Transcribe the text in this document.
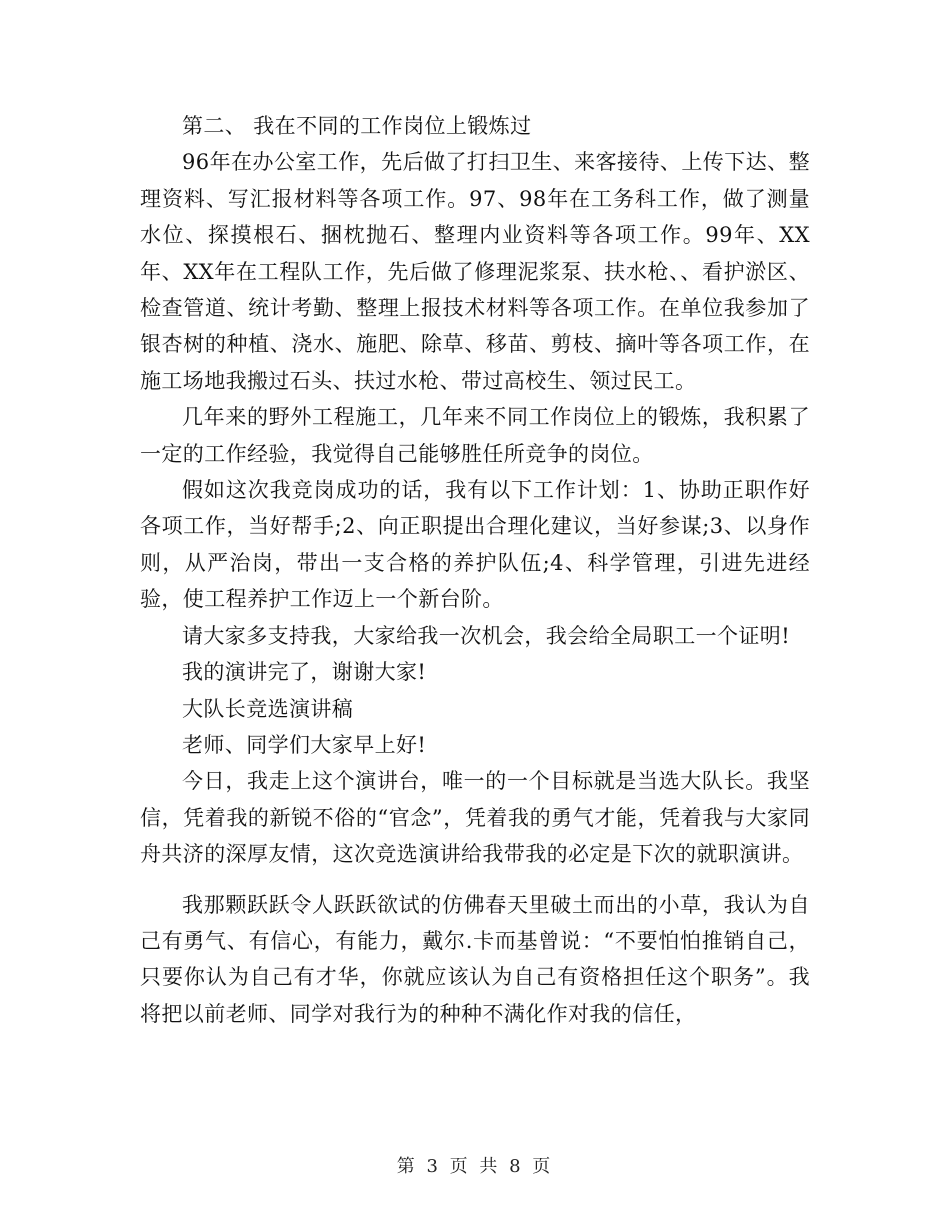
第二、 我在不同的工作岗位上锻炼过

96年在办公室工作，先后做了打扫卫生、来客接待、上传下达、整理资料、写汇报材料等各项工作。97、98年在工务科工作，做了测量水位、探摸根石、捆枕抛石、整理内业资料等各项工作。99年、XX年、XX年在工程队工作，先后做了修理泥浆泵、扶水枪、、看护淤区、检查管道、统计考勤、整理上报技术材料等各项工作。在单位我参加了银杏树的种植、浇水、施肥、除草、移苗、剪枝、摘叶等各项工作，在施工场地我搬过石头、扶过水枪、带过高校生、领过民工。

几年来的野外工程施工，几年来不同工作岗位上的锻炼，我积累了一定的工作经验，我觉得自己能够胜任所竞争的岗位。

假如这次我竞岗成功的话，我有以下工作计划：1、协助正职作好各项工作，当好帮手;2、向正职提出合理化建议，当好参谋;3、以身作则，从严治岗，带出一支合格的养护队伍;4、科学管理，引进先进经验，使工程养护工作迈上一个新台阶。

请大家多支持我，大家给我一次机会，我会给全局职工一个证明!

我的演讲完了，谢谢大家!

大队长竞选演讲稿

老师、同学们大家早上好!

今日，我走上这个演讲台，唯一的一个目标就是当选大队长。我坚信，凭着我的新锐不俗的“官念”，凭着我的勇气才能，凭着我与大家同舟共济的深厚友情，这次竞选演讲给我带我的必定是下次的就职演讲。

我那颗跃跃令人跃跃欲试的仿佛春天里破土而出的小草，我认为自己有勇气、有信心，有能力，戴尔.卡而基曾说：“不要怕怕推销自己，只要你认为自己有才华，你就应该认为自己有资格担任这个职务”。我将把以前老师、同学对我行为的种种不满化作对我的信任，

第 3 页 共 8 页
